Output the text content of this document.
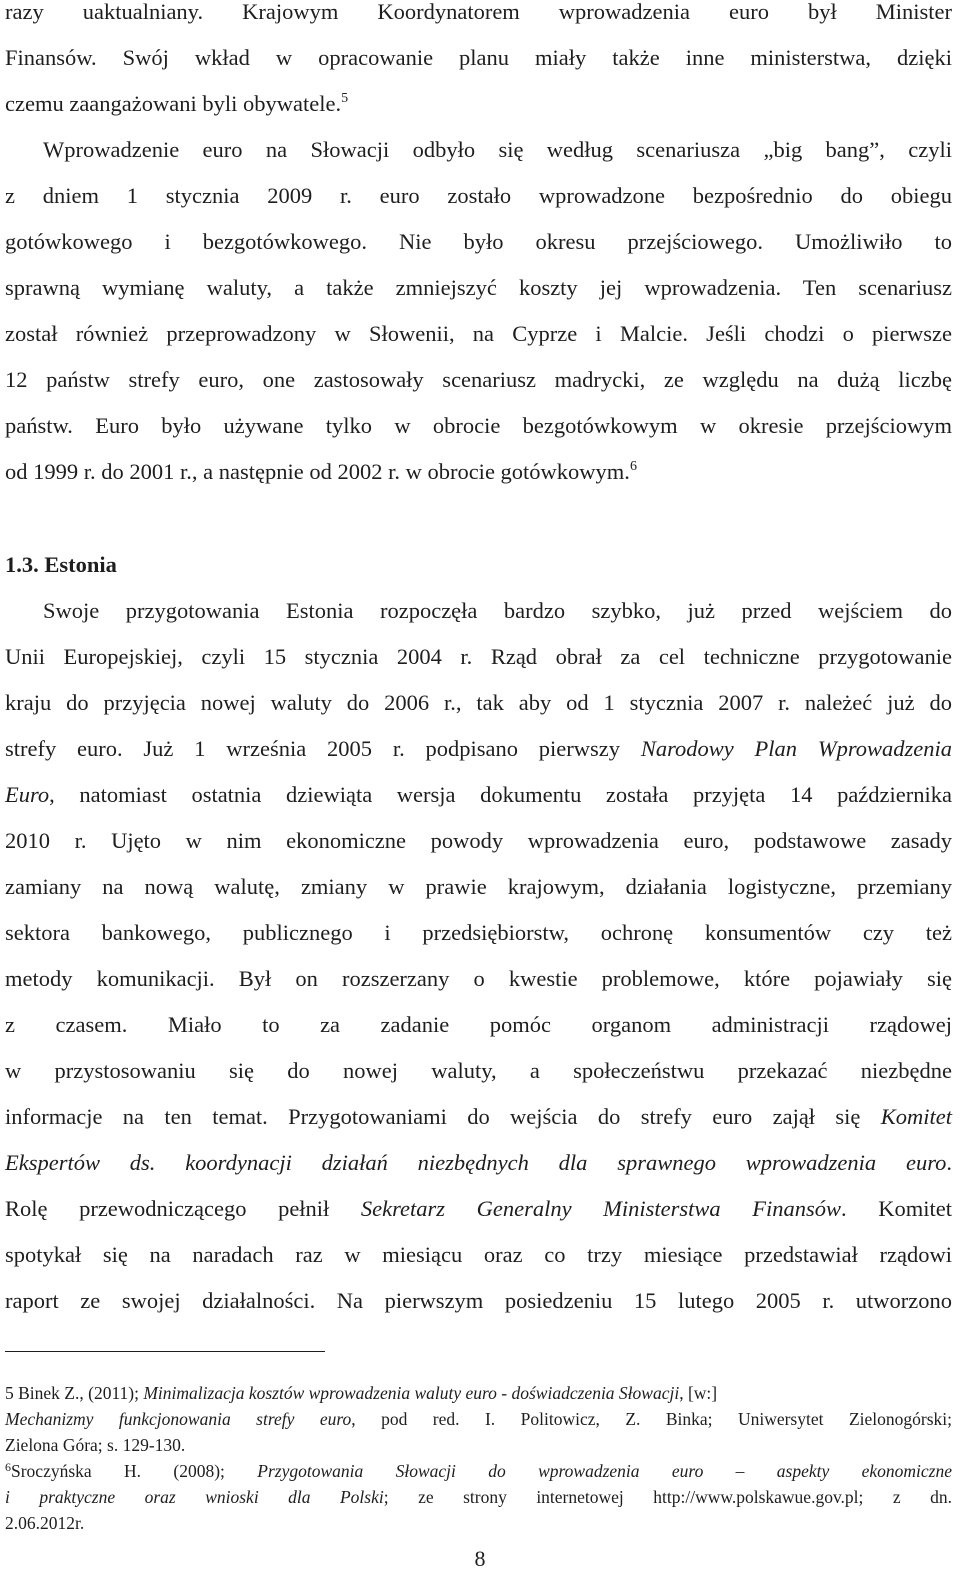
razy uaktualniany. Krajowym Koordynatorem wprowadzenia euro był Minister
Finansów. Swój wkład w opracowanie planu miały także inne ministerstwa, dzięki
czemu zaangażowani byli obywatele.$^5$
Wprowadzenie euro na Słowacji odbyło się według scenariusza „big bang”, czyli
z dniem 1 stycznia 2009 r. euro zostało wprowadzone bezpośrednio do obiegu
gotówkowego i bezgotówkowego. Nie było okresu przejściowego. Umożliwiło to
sprawną wymianę waluty, a także zmniejszyć koszty jej wprowadzenia. Ten scenariusz
został również przeprowadzony w Słowenii, na Cyprze i Malcie. Jeśli chodzi o pierwsze
12 państw strefy euro, one zastosowały scenariusz madrycki, ze względu na dużą liczbę
państw. Euro było używane tylko w obrocie bezgotówkowym w okresie przejściowym
od 1999 r. do 2001 r., a następnie od 2002 r. w obrocie gotówkowym.$^6$
1.3. Estonia
Swoje przygotowania Estonia rozpoczęła bardzo szybko, już przed wejściem do
Unii Europejskiej, czyli 15 stycznia 2004 r. Rząd obrał za cel techniczne przygotowanie
kraju do przyjęcia nowej waluty do 2006 r., tak aby od 1 stycznia 2007 r. należeć już do
strefy euro. Już 1 września 2005 r. podpisano pierwszy Narodowy Plan Wprowadzenia
Euro, natomiast ostatnia dziewiąta wersja dokumentu została przyjęta 14 października
2010 r. Ujęto w nim ekonomiczne powody wprowadzenia euro, podstawowe zasady
zamiany na nową walutę, zmiany w prawie krajowym, działania logistyczne, przemiany
sektora bankowego, publicznego i przedsiębiorstw, ochronę konsumentów czy też
metody komunikacji. Był on rozszerzany o kwestie problemowe, które pojawiały się
z czasem. Miało to za zadanie pomóc organom administracji rządowej
w przystosowaniu się do nowej waluty, a społeczeństwu przekazać niezbędne
informacje na ten temat. Przygotowaniami do wejścia do strefy euro zajął się Komitet
Ekspertów ds. koordynacji działań niezbędnych dla sprawnego wprowadzenia euro.
Rolę przewodniczącego pełnił Sekretarz Generalny Ministerstwa Finansów. Komitet
spotykał się na naradach raz w miesiącu oraz co trzy miesiące przedstawiał rządowi
raport ze swojej działalności. Na pierwszym posiedzeniu 15 lutego 2005 r. utworzono
5 Binek Z., (2011); Minimalizacja kosztów wprowadzenia waluty euro - doświadczenia Słowacji, [w:]
Mechanizmy funkcjonowania strefy euro, pod red. I. Politowicz, Z. Binka; Uniwersytet Zielonogórski;
Zielona Góra; s. 129-130.
$^6$Sroczyńska H. (2008); Przygotowania Słowacji do wprowadzenia euro – aspekty ekonomiczne
i praktyczne oraz wnioski dla Polski; ze strony internetowej http://www.polskawue.gov.pl; z dn.
2.06.2012r.
8
